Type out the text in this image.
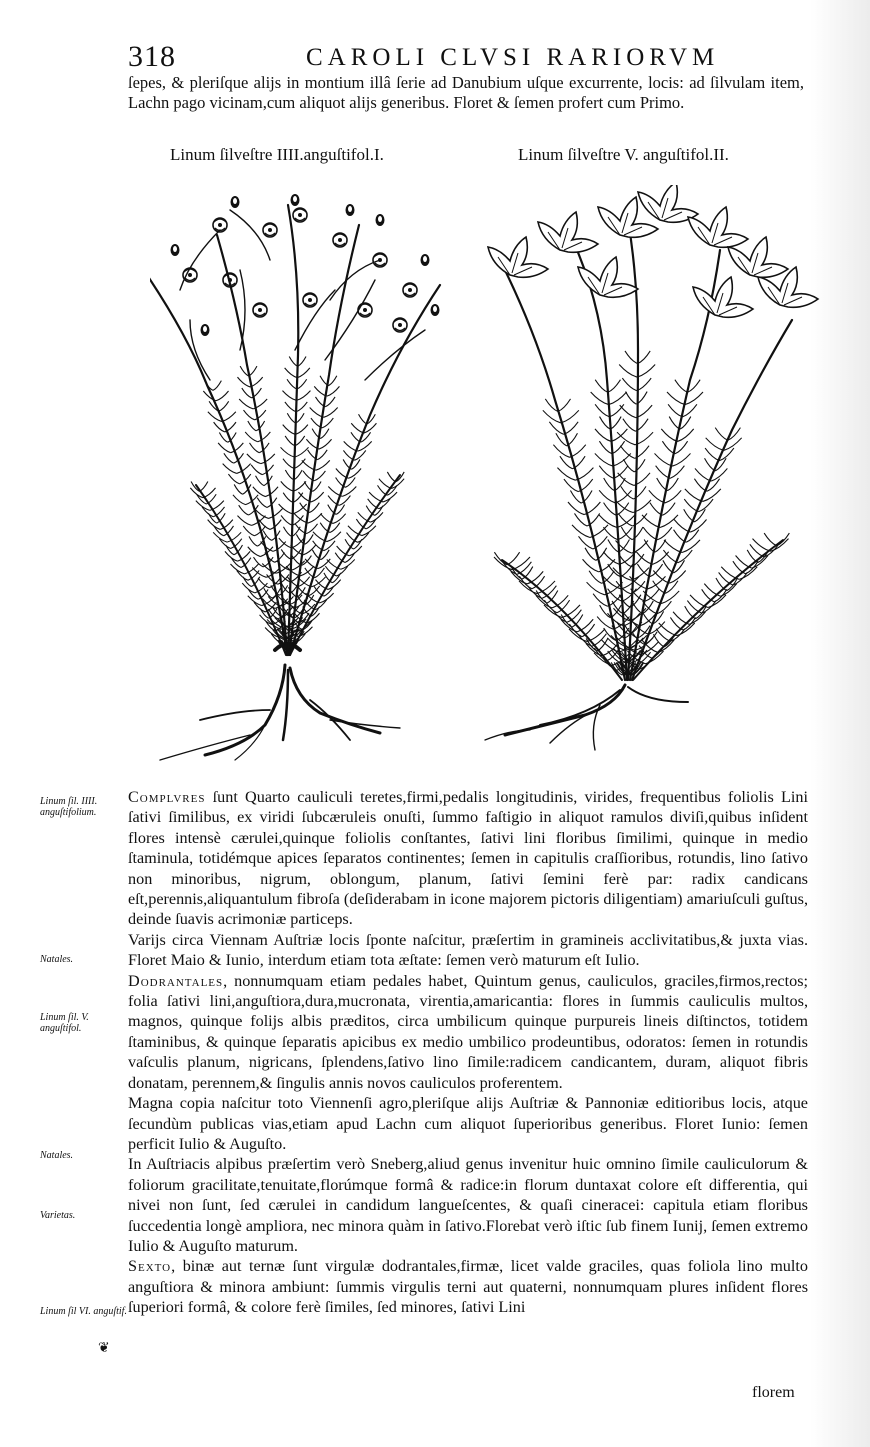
318	CAROLI CLVSI RARIORVM
ſepes, & pleriſque alijs in montium illâ ſerie ad Danubium uſque excurrente, locis: ad ſilvulam item, Lachn pago vicinam,cum aliquot alijs generibus. Floret & ſemen profert cum Primo.
Linum ſilveſtre IIII.anguſtifol.I.	Linum ſilveſtre V. anguſtifol.II.
Linum ſil. IIII. anguſtifolium.
Natales.
Linum ſil. V. anguſtifol.
Natales.
Varietas.
Linum ſil VI. anguſtif.
❦

Complvres ſunt Quarto cauliculi teretes,firmi,pedalis longitudinis, virides, frequentibus foliolis Lini ſativi ſimilibus, ex viridi ſubcæruleis onuſti, ſummo faſtigio in aliquot ramulos diviſi,quibus inſident flores intensè cærulei,quinque foliolis conſtantes, ſativi lini floribus ſimilimi, quinque in medio ſtaminula, totidémque apices ſeparatos continentes; ſemen in capitulis craſſioribus, rotundis, lino ſativo non minoribus, nigrum, oblongum, planum, ſativi ſemini ferè par: radix candicans eſt,perennis,aliquantulum fibroſa (deſiderabam in icone majorem pictoris diligentiam) amariuſculi guſtus, deinde ſuavis acrimoniæ particeps.

Varijs circa Viennam Auſtriæ locis ſponte naſcitur, præſertim in gramineis acclivitatibus,& juxta vias. Floret Maio & Iunio, interdum etiam tota æſtate: ſemen verò maturum eſt Iulio.

Dodrantales, nonnumquam etiam pedales habet, Quintum genus, cauliculos, graciles,firmos,rectos; folia ſativi lini,anguſtiora,dura,mucronata, virentia,amaricantia: flores in ſummis cauliculis multos, magnos, quinque folijs albis præditos, circa umbilicum quinque purpureis lineis diſtinctos, totidem ſtaminibus, & quinque ſeparatis apicibus ex medio umbilico prodeuntibus, odoratos: ſemen in rotundis vaſculis planum, nigricans, ſplendens,ſativo lino ſimile:radicem candicantem, duram, aliquot fibris donatam, perennem,& ſingulis annis novos cauliculos proferentem.

Magna copia naſcitur toto Viennenſi agro,pleriſque alijs Auſtriæ & Pannoniæ editioribus locis, atque ſecundùm publicas vias,etiam apud Lachn cum aliquot ſuperioribus generibus. Floret Iunio: ſemen perficit Iulio & Auguſto.

In Auſtriacis alpibus præſertim verò Sneberg,aliud genus invenitur huic omnino ſimile cauliculorum & foliorum gracilitate,tenuitate,florúmque formâ & radice:in florum duntaxat colore eſt differentia, qui nivei non ſunt, ſed cærulei in candidum langueſcentes, & quaſi cineracei: capitula etiam floribus ſuccedentia longè ampliora, nec minora quàm in ſativo.Florebat verò iſtic ſub finem Iunij, ſemen extremo Iulio & Auguſto maturum.

Sexto, binæ aut ternæ ſunt virgulæ dodrantales,firmæ, licet valde graciles, quas foliola lino multo anguſtiora & minora ambiunt: ſummis virgulis terni aut quaterni, nonnumquam plures inſident flores ſuperiori formâ, & colore ferè ſimiles, ſed minores, ſativi Lini

florem
